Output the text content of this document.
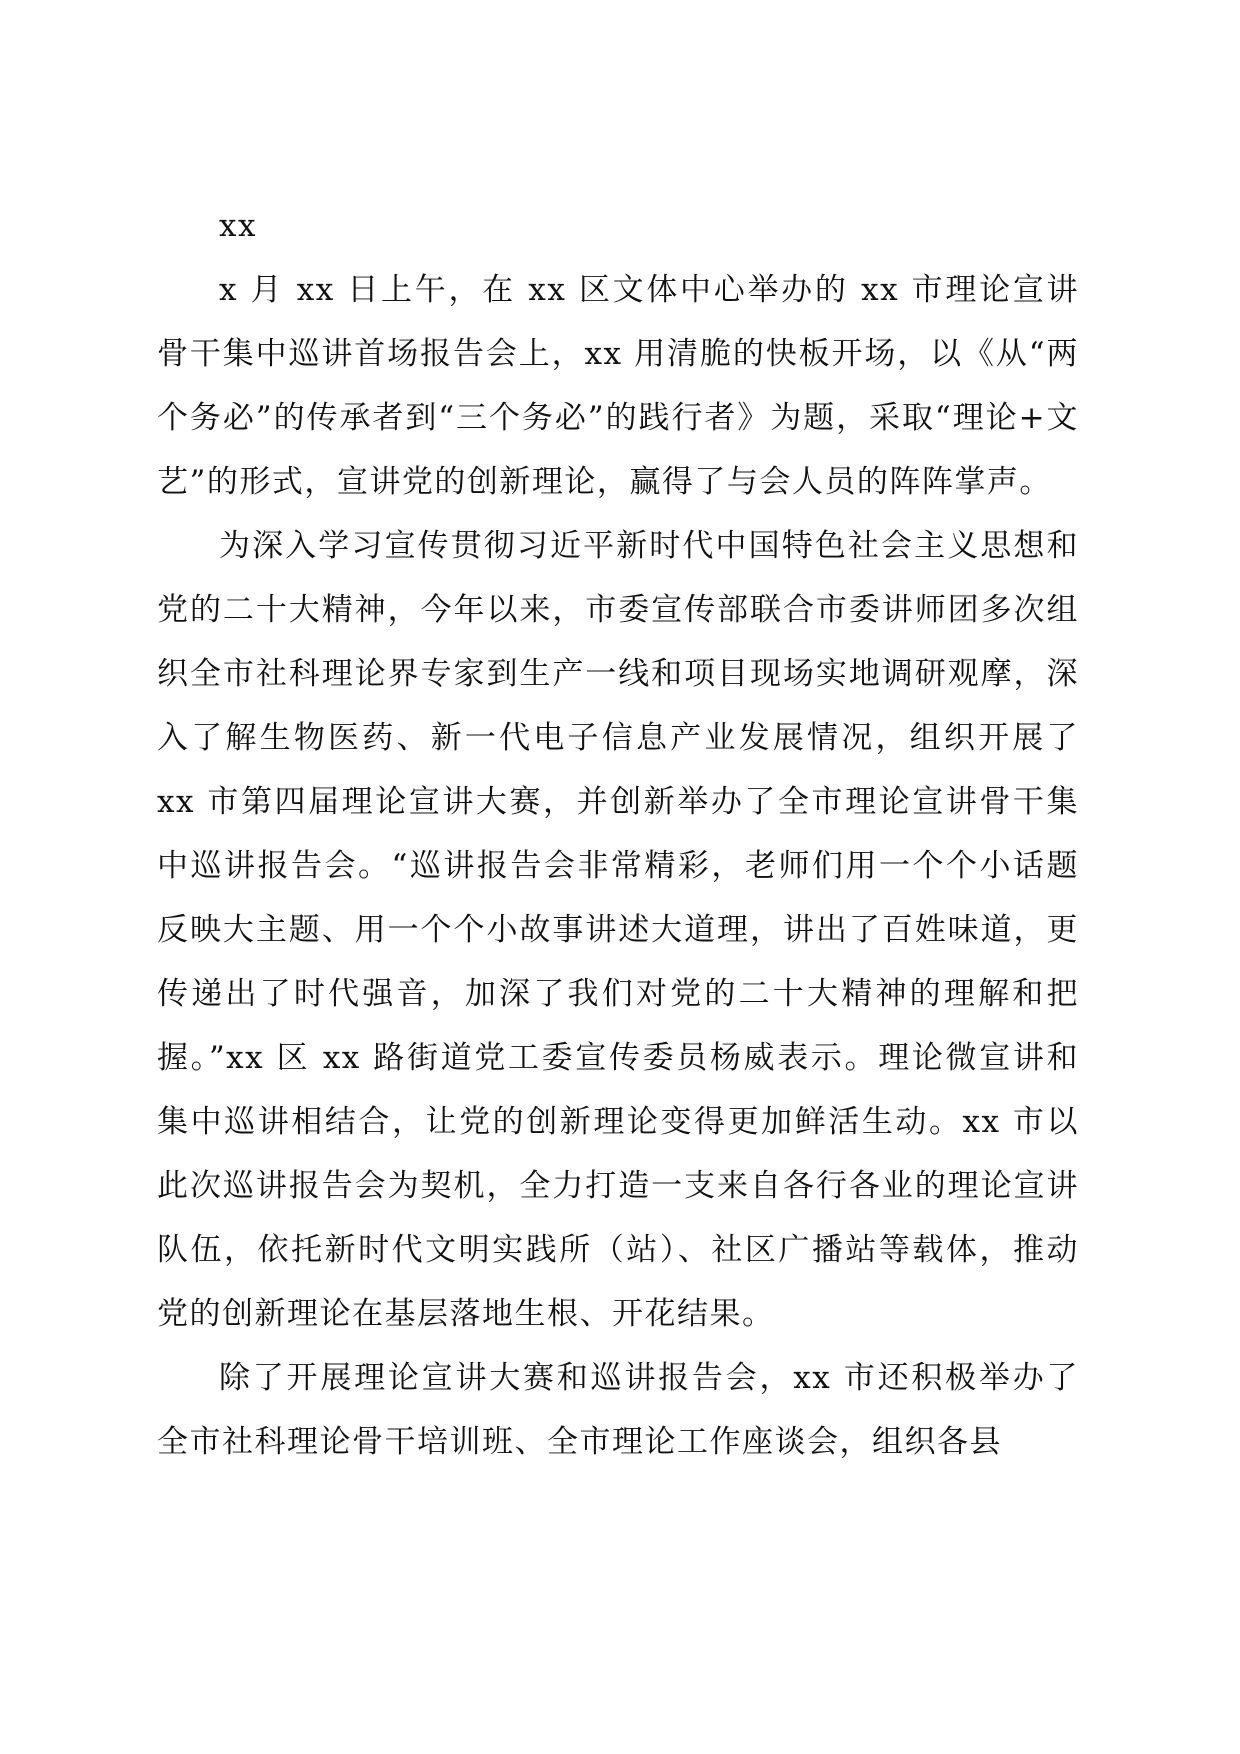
xx

x 月 xx 日上午，在 xx 区文体中心举办的 xx 市理论宣讲骨干集中巡讲首场报告会上，xx 用清脆的快板开场，以《从“两个务必”的传承者到“三个务必”的践行者》为题，采取“理论+文艺”的形式，宣讲党的创新理论，赢得了与会人员的阵阵掌声。

为深入学习宣传贯彻习近平新时代中国特色社会主义思想和党的二十大精神，今年以来，市委宣传部联合市委讲师团多次组织全市社科理论界专家到生产一线和项目现场实地调研观摩，深入了解生物医药、新一代电子信息产业发展情况，组织开展了 xx 市第四届理论宣讲大赛，并创新举办了全市理论宣讲骨干集中巡讲报告会。“巡讲报告会非常精彩，老师们用一个个小话题反映大主题、用一个个小故事讲述大道理，讲出了百姓味道，更传递出了时代强音，加深了我们对党的二十大精神的理解和把握。”xx 区 xx 路街道党工委宣传委员杨威表示。理论微宣讲和集中巡讲相结合，让党的创新理论变得更加鲜活生动。xx 市以此次巡讲报告会为契机，全力打造一支来自各行各业的理论宣讲队伍，依托新时代文明实践所（站）、社区广播站等载体，推动党的创新理论在基层落地生根、开花结果。

除了开展理论宣讲大赛和巡讲报告会，xx 市还积极举办了全市社科理论骨干培训班、全市理论工作座谈会，组织各县
